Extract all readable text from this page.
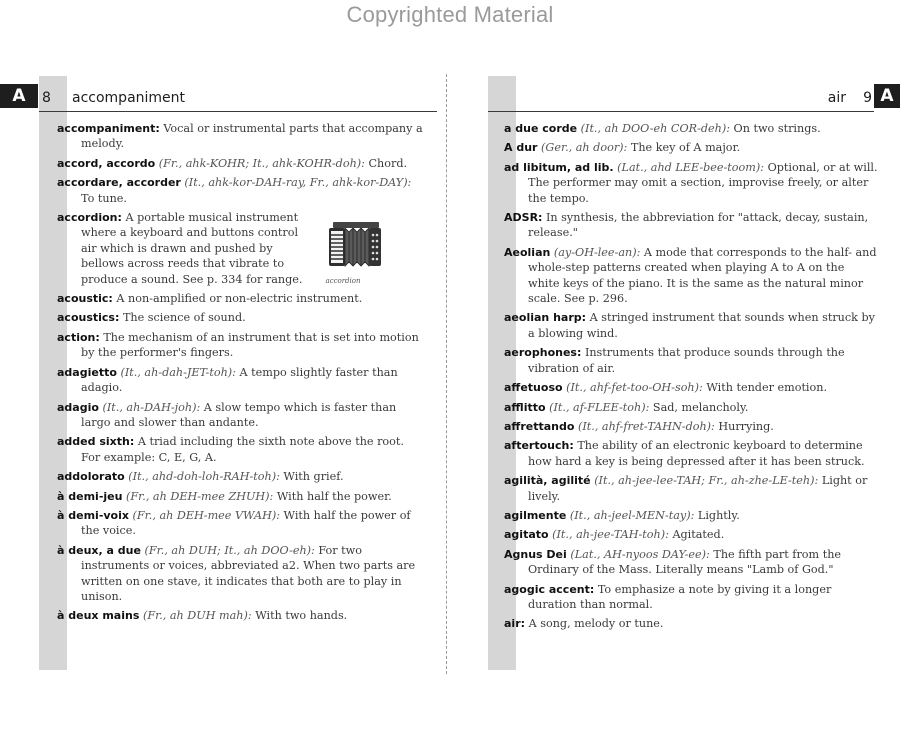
Copyrighted Material
A	8 accompaniment

accompaniment: Vocal or instrumental parts that accompany a melody.

accord, accordo (Fr., ahk-KOHR; It., ahk-KOHR-doh): Chord.

accordare, accorder (It., ahk-kor-DAH-ray, Fr., ahk-kor-DAY): To tune.

accordion: A portable musical instrument where a keyboard and buttons control air which is drawn and pushed by bellows across reeds that vibrate to produce a sound. See p. 334 for range.	accordion

acoustic: A non-amplified or non-electric instrument.

acoustics: The science of sound.

action: The mechanism of an instrument that is set into motion by the performer's fingers.

adagietto (It., ah-dah-JET-toh): A tempo slightly faster than adagio.

adagio (It., ah-DAH-joh): A slow tempo which is faster than largo and slower than andante.

added sixth: A triad including the sixth note above the root. For example: C, E, G, A.

addolorato (It., ahd-doh-loh-RAH-toh): With grief.

à demi-jeu (Fr., ah DEH-mee ZHUH): With half the power.

à demi-voix (Fr., ah DEH-mee VWAH): With half the power of the voice.

à deux, a due (Fr., ah DUH; It., ah DOO-eh): For two instruments or voices, abbreviated a2. When two parts are written on one stave, it indicates that both are to play in unison.

à deux mains (Fr., ah DUH mah): With two hands.

A
air 9

a due corde (It., ah DOO-eh COR-deh): On two strings.

A dur (Ger., ah door): The key of A major.

ad libitum, ad lib. (Lat., ahd LEE-bee-toom): Optional, or at will. The performer may omit a section, improvise freely, or alter the tempo.

ADSR: In synthesis, the abbreviation for "attack, decay, sustain, release."

Aeolian (ay-OH-lee-an): A mode that corresponds to the half- and whole-step patterns created when playing A to A on the white keys of the piano. It is the same as the natural minor scale. See p. 296.

aeolian harp: A stringed instrument that sounds when struck by a blowing wind.

aerophones: Instruments that produce sounds through the vibration of air.

affetuoso (It., ahf-fet-too-OH-soh): With tender emotion.

afflitto (It., af-FLEE-toh): Sad, melancholy.

affrettando (It., ahf-fret-TAHN-doh): Hurrying.

aftertouch: The ability of an electronic keyboard to determine how hard a key is being depressed after it has been struck.

agilità, agilité (It., ah-jee-lee-TAH; Fr., ah-zhe-LE-teh): Light or lively.

agilmente (It., ah-jeel-MEN-tay): Lightly.

agitato (It., ah-jee-TAH-toh): Agitated.

Agnus Dei (Lat., AH-nyoos DAY-ee): The fifth part from the Ordinary of the Mass. Literally means "Lamb of God."

agogic accent: To emphasize a note by giving it a longer duration than normal.

air: A song, melody or tune.
